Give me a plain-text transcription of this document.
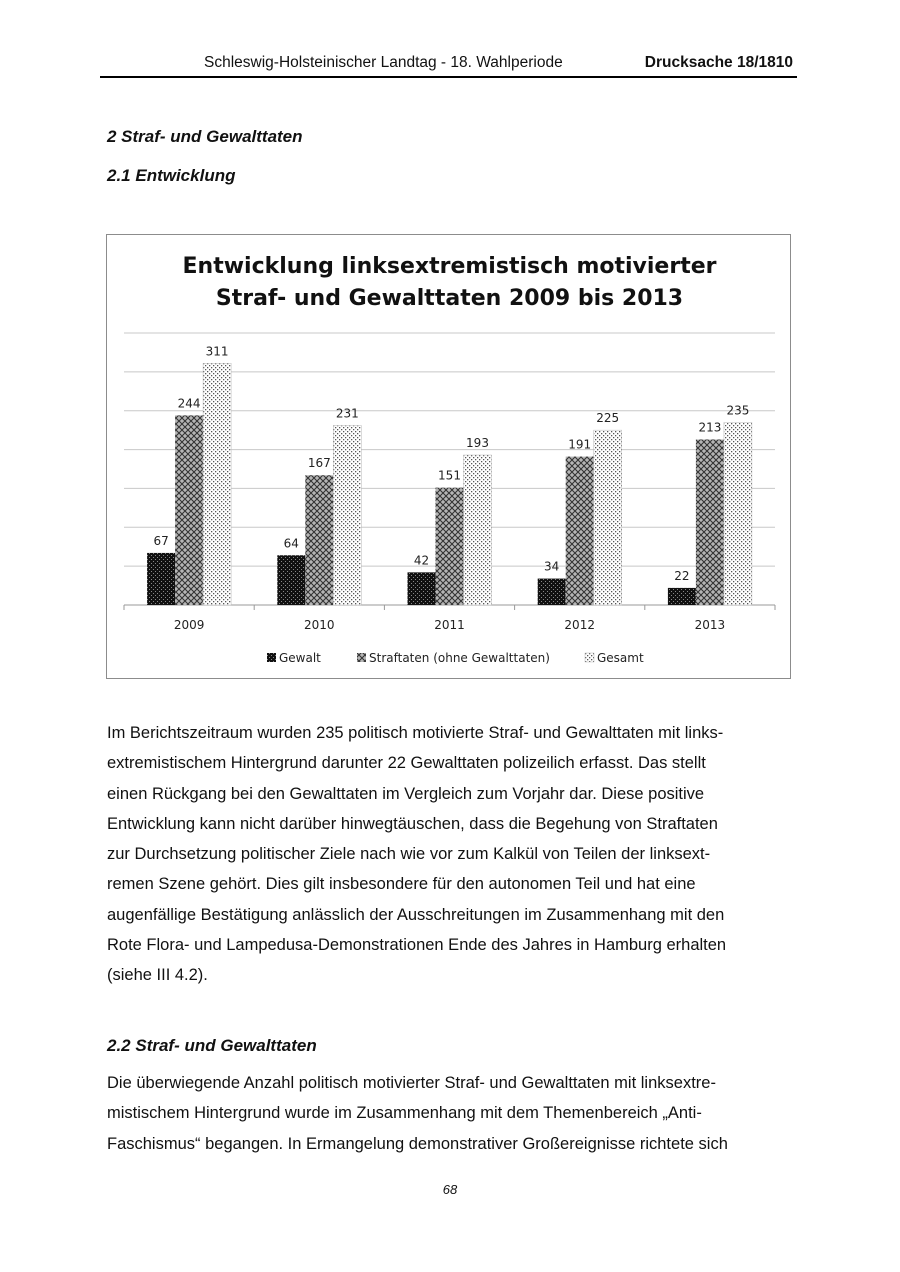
Schleswig-Holsteinischer Landtag - 18. Wahlperiode	Drucksache 18/1810
2 Straf- und Gewalttaten
2.1 Entwicklung
Entwicklung linksextremistisch motivierter
Straf- und Gewalttaten 2009 bis 2013
67
244
311
64
167
231
42
151
193
34
191
225
22
213
235
2009	2010	2011	2012	2013
Gewalt	Straftaten (ohne Gewalttaten)	Gesamt
Im Berichtszeitraum wurden 235 politisch motivierte Straf- und Gewalttaten mit links-
extremistischem Hintergrund darunter 22 Gewalttaten polizeilich erfasst. Das stellt
einen Rückgang bei den Gewalttaten im Vergleich zum Vorjahr dar. Diese positive
Entwicklung kann nicht darüber hinwegtäuschen, dass die Begehung von Straftaten
zur Durchsetzung politischer Ziele nach wie vor zum Kalkül von Teilen der linksext-
remen Szene gehört. Dies gilt insbesondere für den autonomen Teil und hat eine
augenfällige Bestätigung anlässlich der Ausschreitungen im Zusammenhang mit den
Rote Flora- und Lampedusa-Demonstrationen Ende des Jahres in Hamburg erhalten
(siehe III 4.2).
2.2 Straf- und Gewalttaten
Die überwiegende Anzahl politisch motivierter Straf- und Gewalttaten mit linksextre-
mistischem Hintergrund wurde im Zusammenhang mit dem Themenbereich „Anti-
Faschismus“ begangen. In Ermangelung demonstrativer Großereignisse richtete sich
68
